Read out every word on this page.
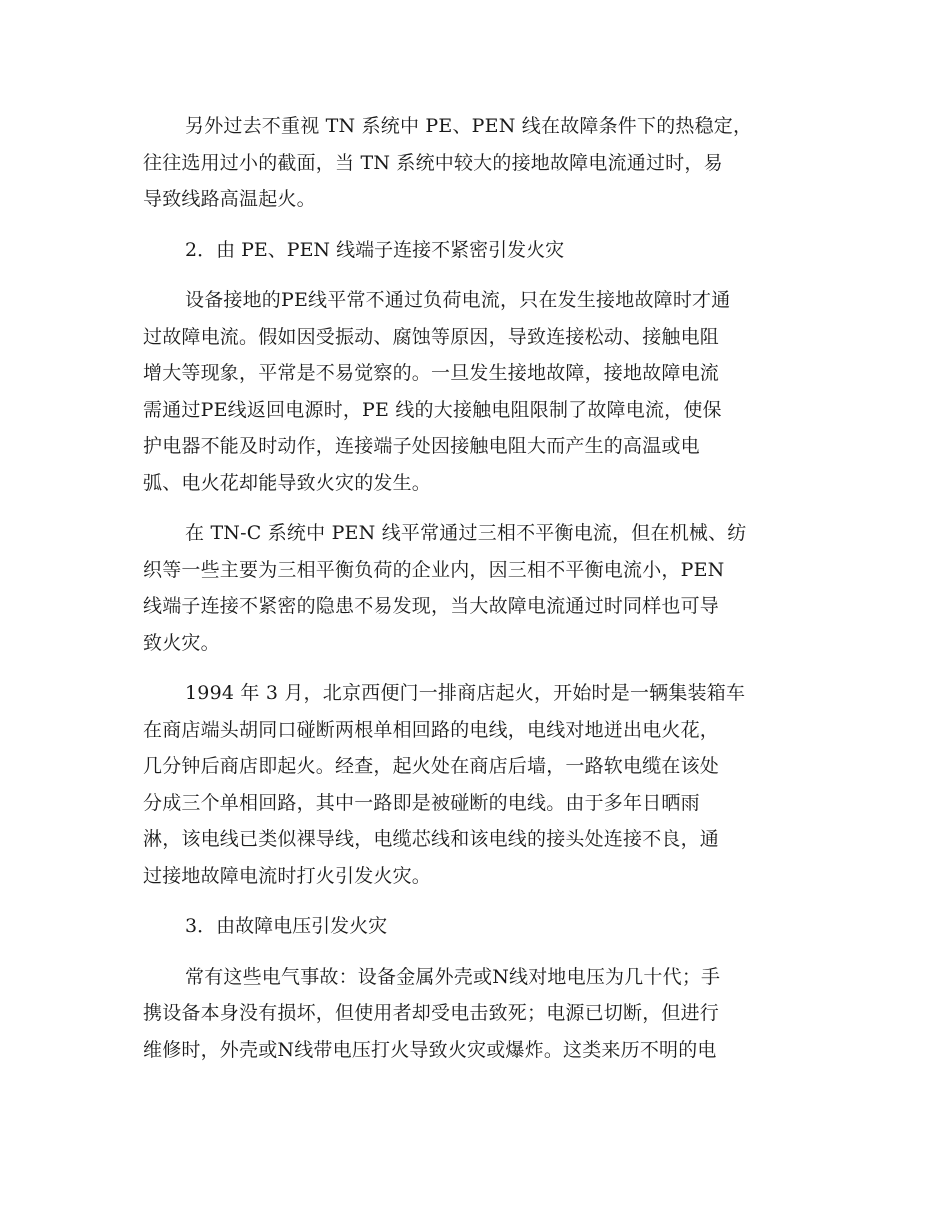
另外过去不重视 TN 系统中 PE、PEN 线在故障条件下的热稳定，
往往选用过小的截面，当 TN 系统中较大的接地故障电流通过时，易
导致线路高温起火。
2．由 PE、PEN 线端子连接不紧密引发火灾
设备接地的PE线平常不通过负荷电流，只在发生接地故障时才通
过故障电流。假如因受振动、腐蚀等原因，导致连接松动、接触电阻
增大等现象，平常是不易觉察的。一旦发生接地故障，接地故障电流
需通过PE线返回电源时，PE 线的大接触电阻限制了故障电流，使保
护电器不能及时动作，连接端子处因接触电阻大而产生的高温或电
弧、电火花却能导致火灾的发生。
在 TN-C 系统中 PEN 线平常通过三相不平衡电流，但在机械、纺
织等一些主要为三相平衡负荷的企业内，因三相不平衡电流小，PEN
线端子连接不紧密的隐患不易发现，当大故障电流通过时同样也可导
致火灾。
1994 年 3 月，北京西便门一排商店起火，开始时是一辆集装箱车
在商店端头胡同口碰断两根单相回路的电线，电线对地迸出电火花，
几分钟后商店即起火。经查，起火处在商店后墙，一路软电缆在该处
分成三个单相回路，其中一路即是被碰断的电线。由于多年日晒雨
淋，该电线已类似裸导线，电缆芯线和该电线的接头处连接不良，通
过接地故障电流时打火引发火灾。
3．由故障电压引发火灾
常有这些电气事故：设备金属外壳或N线对地电压为几十代；手
携设备本身没有损坏，但使用者却受电击致死；电源已切断，但进行
维修时，外壳或N线带电压打火导致火灾或爆炸。这类来历不明的电
